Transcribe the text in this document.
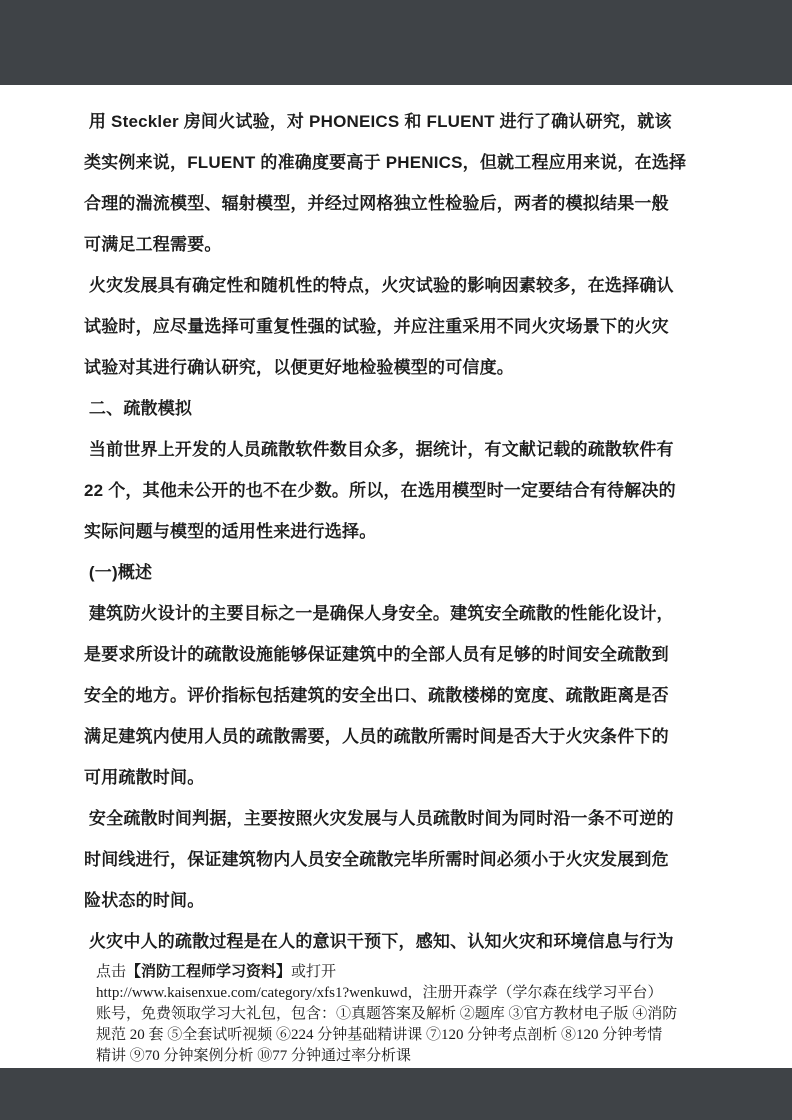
用 Steckler 房间火试验，对 PHONEICS 和 FLUENT 进行了确认研究，就该
类实例来说，FLUENT 的准确度要高于 PHENICS，但就工程应用来说，在选择
合理的湍流模型、辐射模型，并经过网格独立性检验后，两者的模拟结果一般
可满足工程需要。
火灾发展具有确定性和随机性的特点，火灾试验的影响因素较多，在选择确认
试验时，应尽量选择可重复性强的试验，并应注重采用不同火灾场景下的火灾
试验对其进行确认研究，以便更好地检验模型的可信度。
二、疏散模拟
当前世界上开发的人员疏散软件数目众多，据统计，有文献记载的疏散软件有
22 个，其他未公开的也不在少数。所以，在选用模型时一定要结合有待解决的
实际问题与模型的适用性来进行选择。
(一)概述
建筑防火设计的主要目标之一是确保人身安全。建筑安全疏散的性能化设计，
是要求所设计的疏散设施能够保证建筑中的全部人员有足够的时间安全疏散到
安全的地方。评价指标包括建筑的安全出口、疏散楼梯的宽度、疏散距离是否
满足建筑内使用人员的疏散需要，人员的疏散所需时间是否大于火灾条件下的
可用疏散时间。
安全疏散时间判据，主要按照火灾发展与人员疏散时间为同时沿一条不可逆的
时间线进行，保证建筑物内人员安全疏散完毕所需时间必须小于火灾发展到危
险状态的时间。
火灾中人的疏散过程是在人的意识干预下，感知、认知火灾和环境信息与行为
点击【消防工程师学习资料】或打开
http://www.kaisenxue.com/category/xfs1?wenkuwd，注册开森学（学尔森在线学习平台）
账号，免费领取学习大礼包，包含：①真题答案及解析 ②题库 ③官方教材电子版 ④消防
规范 20 套 ⑤全套试听视频 ⑥224 分钟基础精讲课 ⑦120 分钟考点剖析 ⑧120 分钟考情
精讲 ⑨70 分钟案例分析 ⑩77 分钟通过率分析课
